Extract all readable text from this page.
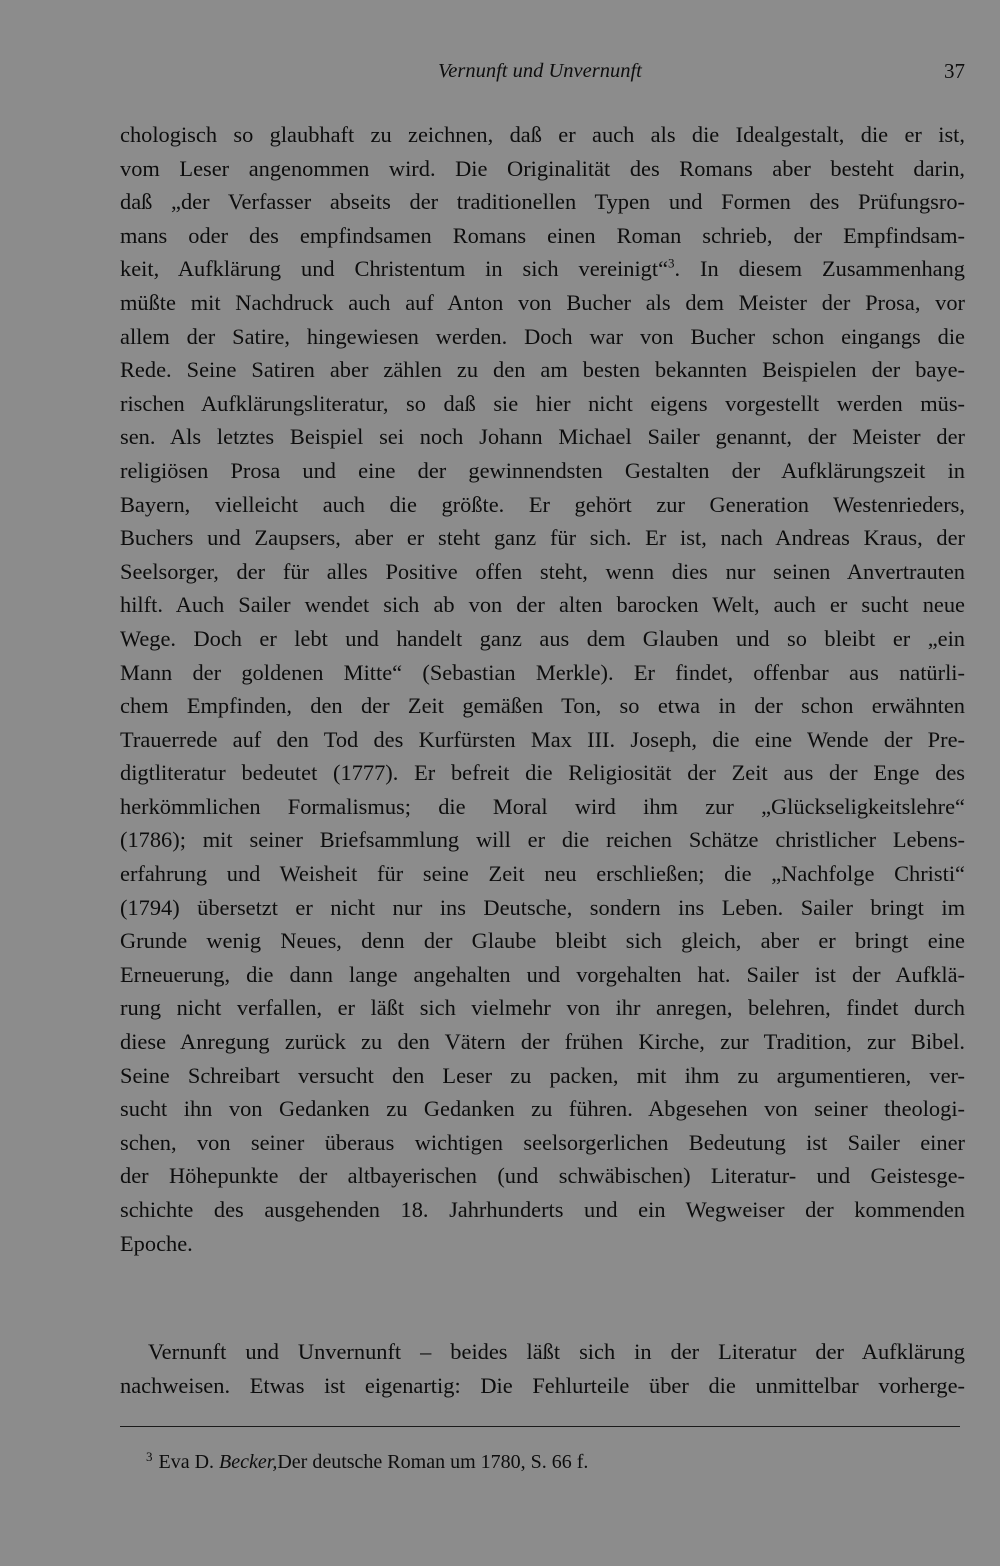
Vernunft und Unvernunft	37
chologisch so glaubhaft zu zeichnen, daß er auch als die Idealgestalt, die er ist,
vom Leser angenommen wird. Die Originalität des Romans aber besteht darin,
daß „der Verfasser abseits der traditionellen Typen und Formen des Prüfungsro-
mans oder des empfindsamen Romans einen Roman schrieb, der Empfindsam-
keit, Aufklärung und Christentum in sich vereinigt“$^3$. In diesem Zusammenhang
müßte mit Nachdruck auch auf Anton von Bucher als dem Meister der Prosa, vor
allem der Satire, hingewiesen werden. Doch war von Bucher schon eingangs die
Rede. Seine Satiren aber zählen zu den am besten bekannten Beispielen der baye-
rischen Aufklärungsliteratur, so daß sie hier nicht eigens vorgestellt werden müs-
sen. Als letztes Beispiel sei noch Johann Michael Sailer genannt, der Meister der
religiösen Prosa und eine der gewinnendsten Gestalten der Aufklärungszeit in
Bayern, vielleicht auch die größte. Er gehört zur Generation Westenrieders,
Buchers und Zaupsers, aber er steht ganz für sich. Er ist, nach Andreas Kraus, der
Seelsorger, der für alles Positive offen steht, wenn dies nur seinen Anvertrauten
hilft. Auch Sailer wendet sich ab von der alten barocken Welt, auch er sucht neue
Wege. Doch er lebt und handelt ganz aus dem Glauben und so bleibt er „ein
Mann der goldenen Mitte“ (Sebastian Merkle). Er findet, offenbar aus natürli-
chem Empfinden, den der Zeit gemäßen Ton, so etwa in der schon erwähnten
Trauerrede auf den Tod des Kurfürsten Max III. Joseph, die eine Wende der Pre-
digtliteratur bedeutet (1777). Er befreit die Religiosität der Zeit aus der Enge des
herkömmlichen Formalismus; die Moral wird ihm zur „Glückseligkeitslehre“
(1786); mit seiner Briefsammlung will er die reichen Schätze christlicher Lebens-
erfahrung und Weisheit für seine Zeit neu erschließen; die „Nachfolge Christi“
(1794) übersetzt er nicht nur ins Deutsche, sondern ins Leben. Sailer bringt im
Grunde wenig Neues, denn der Glaube bleibt sich gleich, aber er bringt eine
Erneuerung, die dann lange angehalten und vorgehalten hat. Sailer ist der Aufklä-
rung nicht verfallen, er läßt sich vielmehr von ihr anregen, belehren, findet durch
diese Anregung zurück zu den Vätern der frühen Kirche, zur Tradition, zur Bibel.
Seine Schreibart versucht den Leser zu packen, mit ihm zu argumentieren, ver-
sucht ihn von Gedanken zu Gedanken zu führen. Abgesehen von seiner theologi-
schen, von seiner überaus wichtigen seelsorgerlichen Bedeutung ist Sailer einer
der Höhepunkte der altbayerischen (und schwäbischen) Literatur- und Geistesge-
schichte des ausgehenden 18. Jahrhunderts und ein Wegweiser der kommenden
Epoche.
Vernunft und Unvernunft – beides läßt sich in der Literatur der Aufklärung
nachweisen. Etwas ist eigenartig: Die Fehlurteile über die unmittelbar vorherge-
$^3$ Eva D. Becker,Der deutsche Roman um 1780, S. 66 f.
